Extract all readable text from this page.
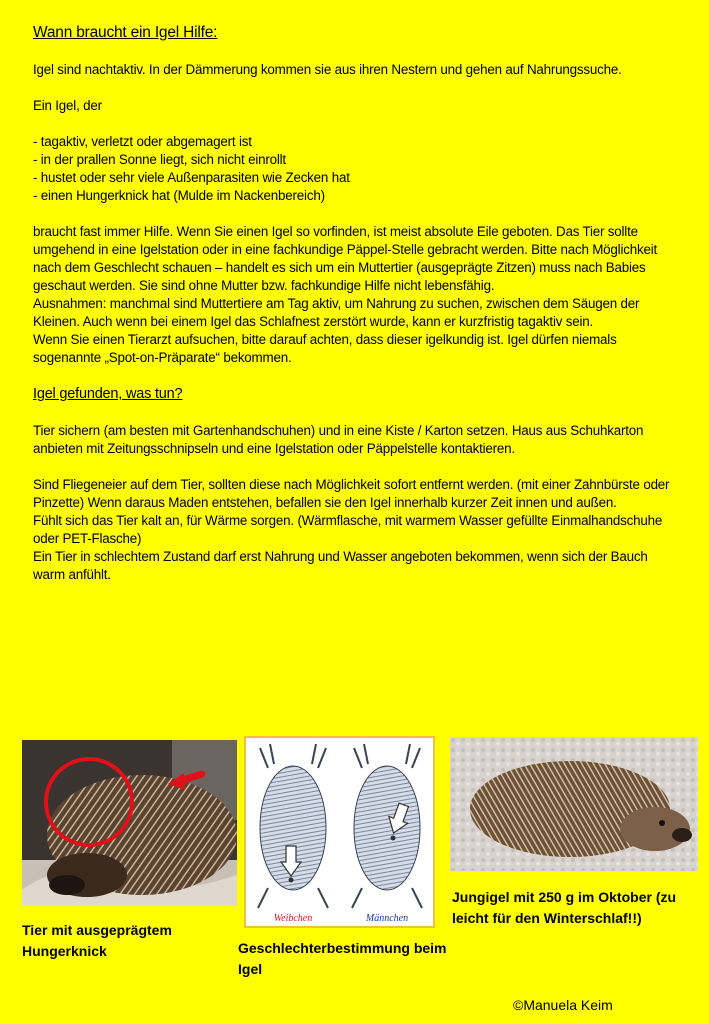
Wann braucht ein Igel Hilfe:

Igel sind nachtaktiv. In der Dämmerung kommen sie aus ihren Nestern und gehen auf Nahrungssuche.

Ein Igel, der

- tagaktiv, verletzt oder abgemagert ist
- in der prallen Sonne liegt, sich nicht einrollt
- hustet oder sehr viele Außenparasiten wie Zecken hat
- einen Hungerknick hat (Mulde im Nackenbereich)

braucht fast immer Hilfe. Wenn Sie einen Igel so vorfinden, ist meist absolute Eile geboten. Das Tier sollte umgehend in eine Igelstation oder in eine fachkundige Päppel-Stelle gebracht werden. Bitte nach Möglichkeit nach dem Geschlecht schauen – handelt es sich um ein Muttertier (ausgeprägte Zitzen) muss nach Babies geschaut werden. Sie sind ohne Mutter bzw. fachkundige Hilfe nicht lebensfähig.

Ausnahmen: manchmal sind Muttertiere am Tag aktiv, um Nahrung zu suchen, zwischen dem Säugen der Kleinen. Auch wenn bei einem Igel das Schlafnest zerstört wurde, kann er kurzfristig tagaktiv sein.

Wenn Sie einen Tierarzt aufsuchen, bitte darauf achten, dass dieser igelkundig ist. Igel dürfen niemals sogenannte „Spot-on-Präparate“ bekommen.

Igel gefunden, was tun?

Tier sichern (am besten mit Gartenhandschuhen) und in eine Kiste / Karton setzen. Haus aus Schuhkarton anbieten mit Zeitungsschnipseln und eine Igelstation oder Päppelstelle kontaktieren.

Sind Fliegeneier auf dem Tier, sollten diese nach Möglichkeit sofort entfernt werden. (mit einer Zahnbürste oder Pinzette) Wenn daraus Maden entstehen, befallen sie den Igel innerhalb kurzer Zeit innen und außen.

Fühlt sich das Tier kalt an, für Wärme sorgen. (Wärmflasche, mit warmem Wasser gefüllte Einmalhandschuhe oder PET-Flasche)

Ein Tier in schlechtem Zustand darf erst Nahrung und Wasser angeboten bekommen, wenn sich der Bauch warm anfühlt.

Weibchen	Männchen
Tier mit ausgeprägtem Hungerknick	Geschlechterbestimmung beim Igel
Jungigel mit 250 g im Oktober (zu leicht für den Winterschlaf!!)
©Manuela Keim
